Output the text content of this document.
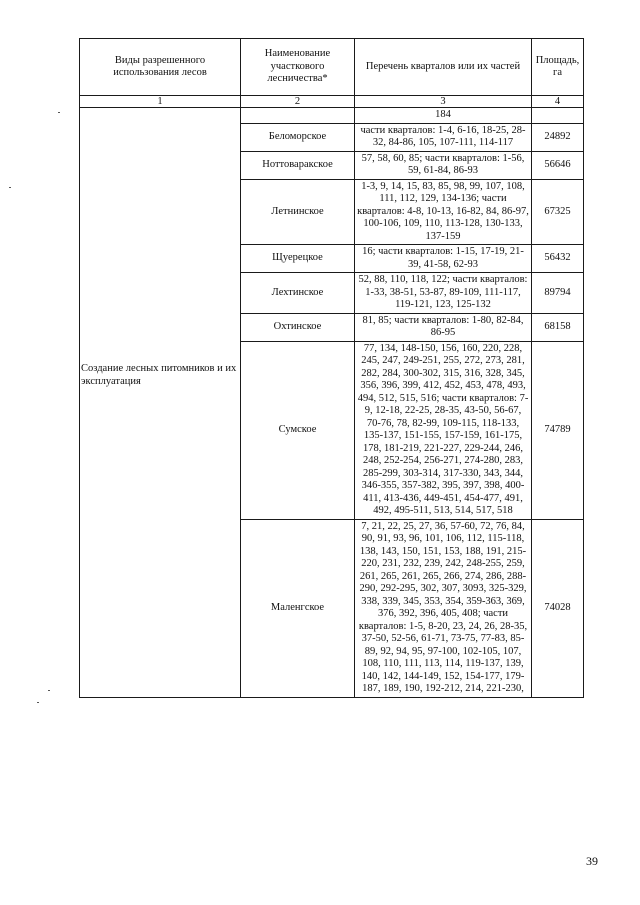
Виды разрешенного использования лесов	Наименование участкового лесничества*	Перечень кварталов или их частей	Площадь, га
1	2	3	4
Создание лесных питомников и их эксплуатация		184	
	Беломорское	части кварталов: 1-4, 6-16, 18-25, 28-32, 84-86, 105, 107-111, 114-117	24892
	Ноттоваракское	57, 58, 60, 85; части кварталов: 1-56, 59, 61-84, 86-93	56646
	Летнинское	1-3, 9, 14, 15, 83, 85, 98, 99, 107, 108, 111, 112, 129, 134-136; части кварталов: 4-8, 10-13, 16-82, 84, 86-97, 100-106, 109, 110, 113-128, 130-133, 137-159	67325
	Щуерецкое	16; части кварталов: 1-15, 17-19, 21-39, 41-58, 62-93	56432
	Лехтинское	52, 88, 110, 118, 122; части кварталов: 1-33, 38-51, 53-87, 89-109, 111-117, 119-121, 123, 125-132	89794
	Охтинское	81, 85; части кварталов: 1-80, 82-84, 86-95	68158
	Сумское	77, 134, 148-150, 156, 160, 220, 228, 245, 247, 249-251, 255, 272, 273, 281, 282, 284, 300-302, 315, 316, 328, 345, 356, 396, 399, 412, 452, 453, 478, 493, 494, 512, 515, 516; части кварталов: 7-9, 12-18, 22-25, 28-35, 43-50, 56-67, 70-76, 78, 82-99, 109-115, 118-133, 135-137, 151-155, 157-159, 161-175, 178, 181-219, 221-227, 229-244, 246, 248, 252-254, 256-271, 274-280, 283, 285-299, 303-314, 317-330, 343, 344, 346-355, 357-382, 395, 397, 398, 400-411, 413-436, 449-451, 454-477, 491, 492, 495-511, 513, 514, 517, 518	74789
	Маленгское	7, 21, 22, 25, 27, 36, 57-60, 72, 76, 84, 90, 91, 93, 96, 101, 106, 112, 115-118, 138, 143, 150, 151, 153, 188, 191, 215-220, 231, 232, 239, 242, 248-255, 259, 261, 265, 261, 265, 266, 274, 286, 288-290, 292-295, 302, 307, 3093, 325-329, 338, 339, 345, 353, 354, 359-363, 369, 376, 392, 396, 405, 408; части кварталов: 1-5, 8-20, 23, 24, 26, 28-35, 37-50, 52-56, 61-71, 73-75, 77-83, 85-89, 92, 94, 95, 97-100, 102-105, 107, 108, 110, 111, 113, 114, 119-137, 139, 140, 142, 144-149, 152, 154-177, 179-187, 189, 190, 192-212, 214, 221-230,	74028
39
